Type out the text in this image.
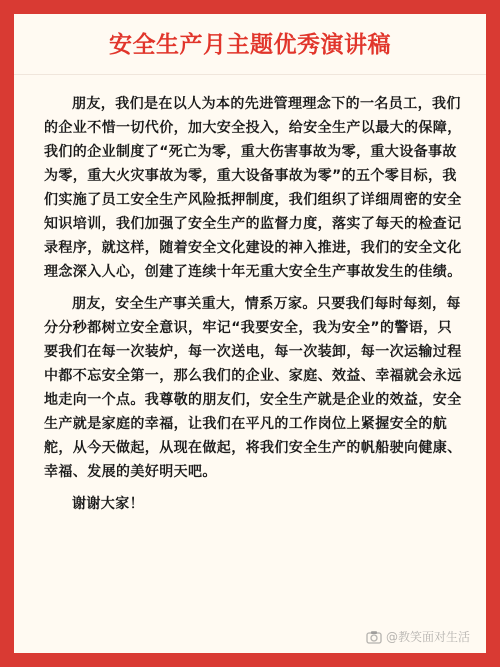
安全生产月主题优秀演讲稿

朋友，我们是在以人为本的先进管理理念下的一名员工，我们的企业不惜一切代价，加大安全投入，给安全生产以最大的保障，我们的企业制度了“死亡为零，重大伤害事故为零，重大设备事故为零，重大火灾事故为零，重大设备事故为零”的五个零目标，我们实施了员工安全生产风险抵押制度，我们组织了详细周密的安全知识培训，我们加强了安全生产的监督力度，落实了每天的检查记录程序，就这样，随着安全文化建设的神入推进，我们的安全文化理念深入人心，创建了连续十年无重大安全生产事故发生的佳绩。

朋友，安全生产事关重大，情系万家。只要我们每时每刻，每分分秒都树立安全意识，牢记“我要安全，我为安全”的警语，只要我们在每一次装炉，每一次送电，每一次装卸，每一次运输过程中都不忘安全第一，那么我们的企业、家庭、效益、幸福就会永远地走向一个点。我尊敬的朋友们，安全生产就是企业的效益，安全生产就是家庭的幸福，让我们在平凡的工作岗位上紧握安全的航舵，从今天做起，从现在做起，将我们安全生产的帆船驶向健康、幸福、发展的美好明天吧。

谢谢大家！

@教笑面对生活
